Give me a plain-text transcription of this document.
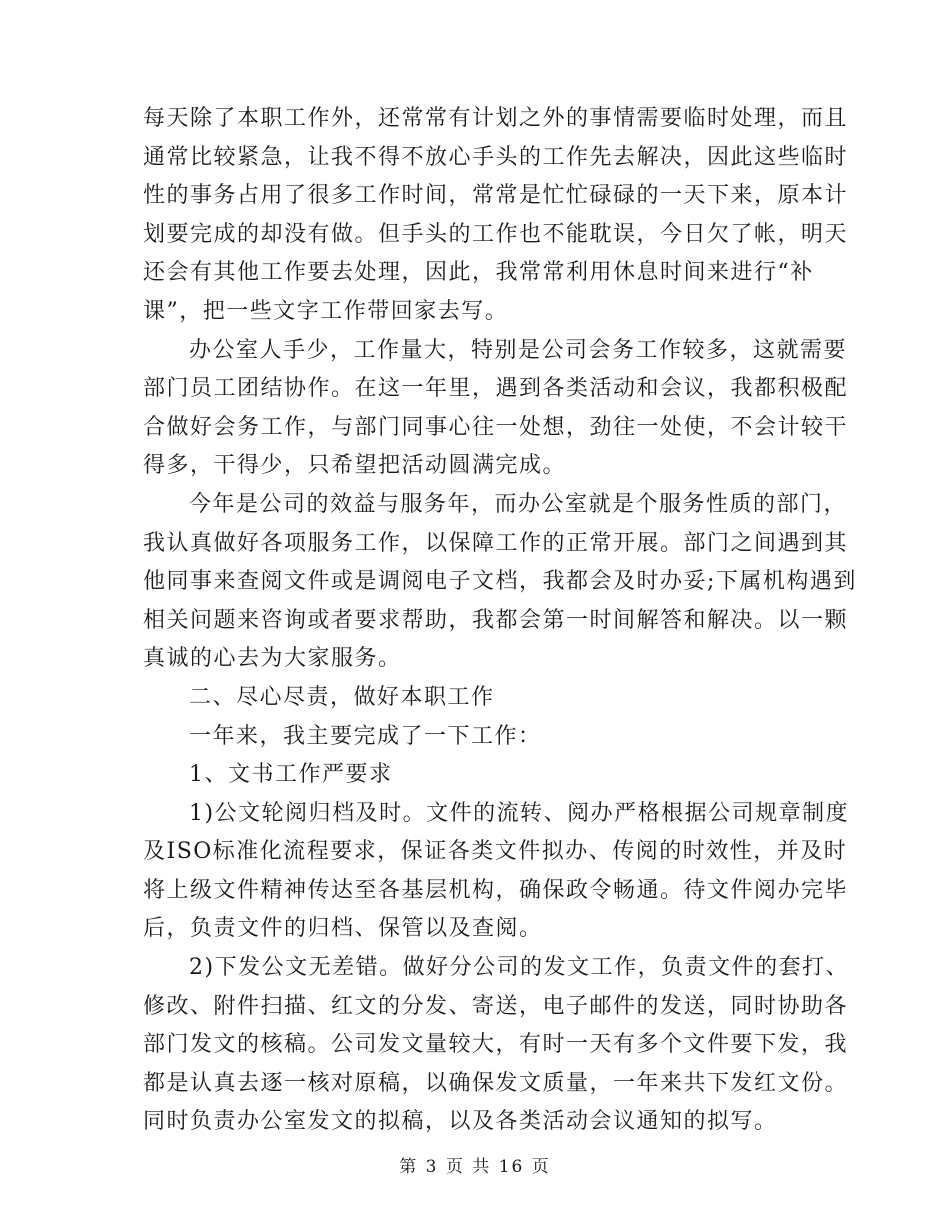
每天除了本职工作外，还常常有计划之外的事情需要临时处理，而且
通常比较紧急，让我不得不放心手头的工作先去解决，因此这些临时
性的事务占用了很多工作时间，常常是忙忙碌碌的一天下来，原本计
划要完成的却没有做。但手头的工作也不能耽误，今日欠了帐，明天
还会有其他工作要去处理，因此，我常常利用休息时间来进行“补
课”，把一些文字工作带回家去写。
办公室人手少，工作量大，特别是公司会务工作较多，这就需要
部门员工团结协作。在这一年里，遇到各类活动和会议，我都积极配
合做好会务工作，与部门同事心往一处想，劲往一处使，不会计较干
得多，干得少，只希望把活动圆满完成。
今年是公司的效益与服务年，而办公室就是个服务性质的部门，
我认真做好各项服务工作，以保障工作的正常开展。部门之间遇到其
他同事来查阅文件或是调阅电子文档，我都会及时办妥;下属机构遇到
相关问题来咨询或者要求帮助，我都会第一时间解答和解决。以一颗
真诚的心去为大家服务。
二、尽心尽责，做好本职工作
一年来，我主要完成了一下工作：
1、文书工作严要求
1)公文轮阅归档及时。文件的流转、阅办严格根据公司规章制度
及ISO标准化流程要求，保证各类文件拟办、传阅的时效性，并及时
将上级文件精神传达至各基层机构，确保政令畅通。待文件阅办完毕
后，负责文件的归档、保管以及查阅。
2)下发公文无差错。做好分公司的发文工作，负责文件的套打、
修改、附件扫描、红文的分发、寄送，电子邮件的发送，同时协助各
部门发文的核稿。公司发文量较大，有时一天有多个文件要下发，我
都是认真去逐一核对原稿，以确保发文质量，一年来共下发红文份。
同时负责办公室发文的拟稿，以及各类活动会议通知的拟写。
第 3 页 共 16 页
